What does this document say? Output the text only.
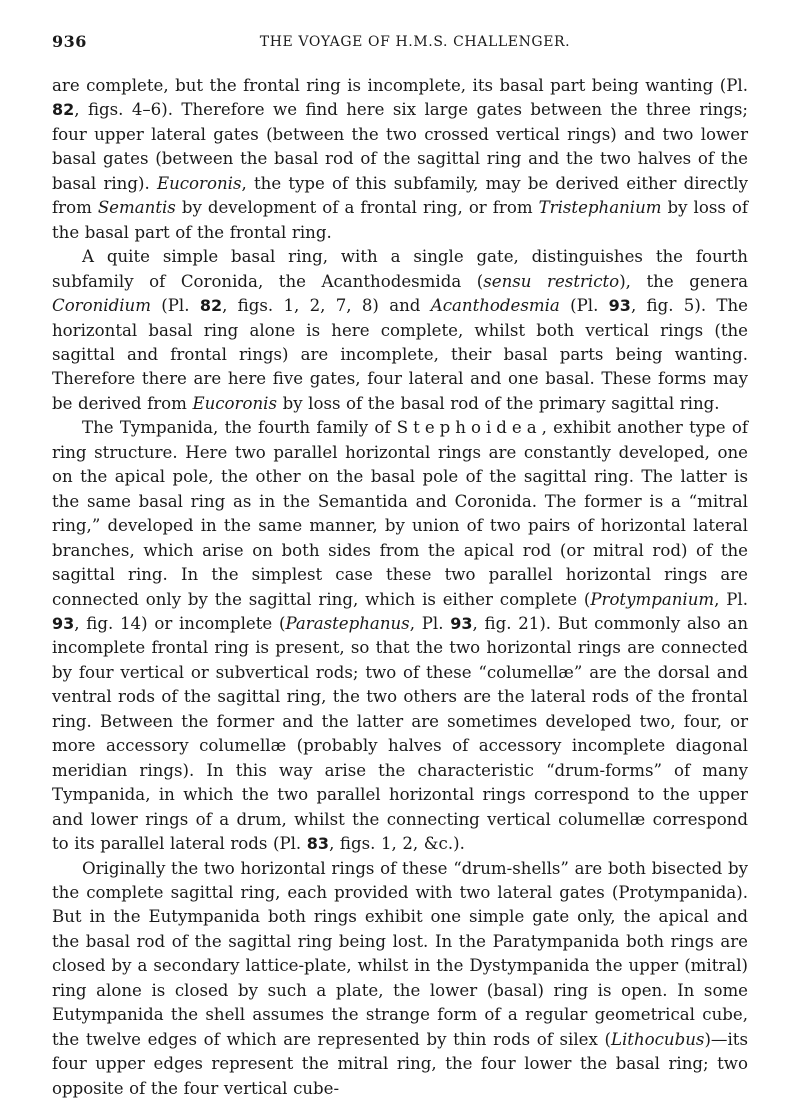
936	THE VOYAGE OF H.M.S. CHALLENGER.

are complete, but the frontal ring is incomplete, its basal part being wanting (Pl. 82, figs. 4–6). Therefore we find here six large gates between the three rings; four upper lateral gates (between the two crossed vertical rings) and two lower basal gates (between the basal rod of the sagittal ring and the two halves of the basal ring). Eucoronis, the type of this subfamily, may be derived either directly from Semantis by development of a frontal ring, or from Tristephanium by loss of the basal part of the frontal ring.

A quite simple basal ring, with a single gate, distinguishes the fourth subfamily of Coronida, the Acanthodesmida (sensu restricto), the genera Coronidium (Pl. 82, figs. 1, 2, 7, 8) and Acanthodesmia (Pl. 93, fig. 5). The horizontal basal ring alone is here complete, whilst both vertical rings (the sagittal and frontal rings) are incomplete, their basal parts being wanting. Therefore there are here five gates, four lateral and one basal. These forms may be derived from Eucoronis by loss of the basal rod of the primary sagittal ring.

The Tympanida, the fourth family of Stephoidea, exhibit another type of ring structure. Here two parallel horizontal rings are constantly developed, one on the apical pole, the other on the basal pole of the sagittal ring. The latter is the same basal ring as in the Semantida and Coronida. The former is a “mitral ring,” developed in the same manner, by union of two pairs of horizontal lateral branches, which arise on both sides from the apical rod (or mitral rod) of the sagittal ring. In the simplest case these two parallel horizontal rings are connected only by the sagittal ring, which is either complete (Protympanium, Pl. 93, fig. 14) or incomplete (Parastephanus, Pl. 93, fig. 21). But commonly also an incomplete frontal ring is present, so that the two horizontal rings are connected by four vertical or subvertical rods; two of these “columellæ” are the dorsal and ventral rods of the sagittal ring, the two others are the lateral rods of the frontal ring. Between the former and the latter are sometimes developed two, four, or more accessory columellæ (probably halves of accessory incomplete diagonal meridian rings). In this way arise the characteristic “drum-forms” of many Tympanida, in which the two parallel horizontal rings correspond to the upper and lower rings of a drum, whilst the connecting vertical columellæ correspond to its parallel lateral rods (Pl. 83, figs. 1, 2, &c.).

Originally the two horizontal rings of these “drum-shells” are both bisected by the complete sagittal ring, each provided with two lateral gates (Protympanida). But in the Eutympanida both rings exhibit one simple gate only, the apical and the basal rod of the sagittal ring being lost. In the Paratympanida both rings are closed by a secondary lattice-plate, whilst in the Dystympanida the upper (mitral) ring alone is closed by such a plate, the lower (basal) ring is open. In some Eutympanida the shell assumes the strange form of a regular geometrical cube, the twelve edges of which are represented by thin rods of silex (Lithocubus)—its four upper edges represent the mitral ring, the four lower the basal ring; two opposite of the four vertical cube-
